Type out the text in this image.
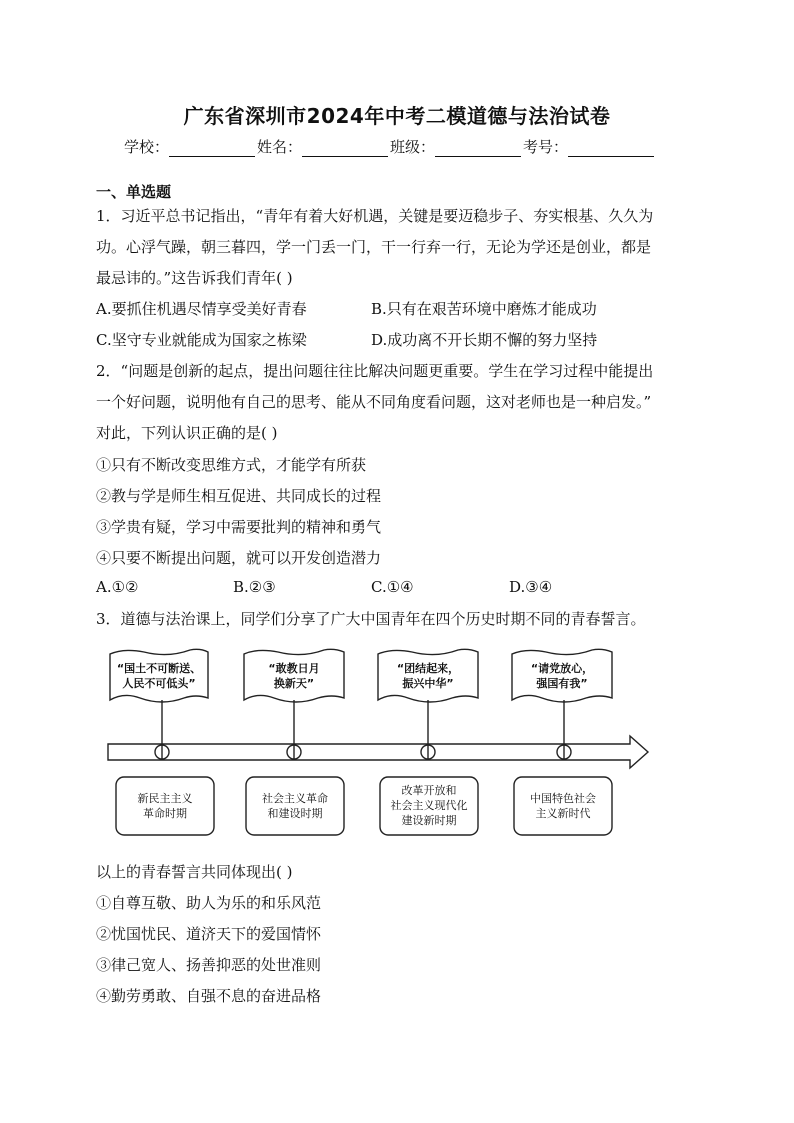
广东省深圳市2024年中考二模道德与法治试卷
学校：	姓名：	班级：	考号：
一、单选题
1．习近平总书记指出，“青年有着大好机遇，关键是要迈稳步子、夯实根基、久久为
功。心浮气躁，朝三暮四，学一门丢一门，干一行弃一行，无论为学还是创业，都是
最忌讳的。”这告诉我们青年( )
A.要抓住机遇尽情享受美好青春	B.只有在艰苦环境中磨炼才能成功
C.坚守专业就能成为国家之栋梁	D.成功离不开长期不懈的努力坚持
2．“问题是创新的起点，提出问题往往比解决问题更重要。学生在学习过程中能提出
一个好问题，说明他有自己的思考、能从不同角度看问题，这对老师也是一种启发。”
对此，下列认识正确的是( )
①只有不断改变思维方式，才能学有所获
②教与学是师生相互促进、共同成长的过程
③学贵有疑，学习中需要批判的精神和勇气
④只要不断提出问题，就可以开发创造潜力
A.①②	B.②③	C.①④	D.③④
3．道德与法治课上，同学们分享了广大中国青年在四个历史时期不同的青春誓言。
“国土不可断送、
人民不可低头”
“敢教日月
换新天”
“团结起来，
振兴中华”
“请党放心，
强国有我”
新民主主义
革命时期
社会主义革命
和建设时期
改革开放和
社会主义现代化
建设新时期
中国特色社会
主义新时代
以上的青春誓言共同体现出( )
①自尊互敬、助人为乐的和乐风范
②忧国忧民、道济天下的爱国情怀
③律己宽人、扬善抑恶的处世准则
④勤劳勇敢、自强不息的奋进品格
